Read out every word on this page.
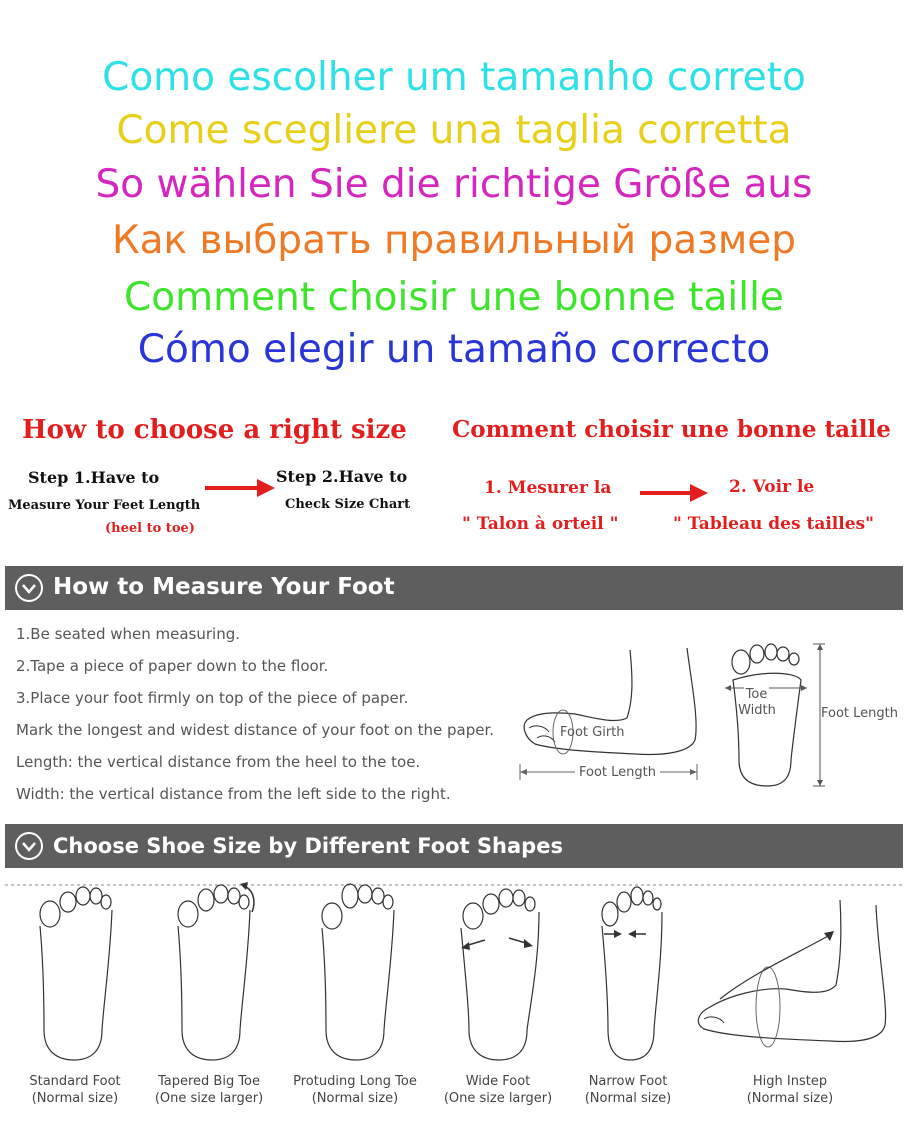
Como escolher um tamanho correto
Come scegliere una taglia corretta
So wählen Sie die richtige Größe aus
Как выбрать правильный размер
Comment choisir une bonne taille
Cómo elegir un tamaño correcto
How to choose a right size
Step 1.Have to
Measure Your Feet Length
(heel to toe)
Step 2.Have to
Check Size Chart
Comment choisir une bonne taille
1. Mesurer la
" Talon à orteil "
2. Voir le
" Tableau des tailles"
How to Measure Your Foot
1.Be seated when measuring.
2.Tape a piece of paper down to the floor.
3.Place your foot firmly on top of the piece of paper.
Mark the longest and widest distance of your foot on the paper.
Length: the vertical distance from the heel to the toe.
Width: the vertical distance from the left side to the right.
Foot Girth
Foot Length
Toe
Width	Foot Length
Choose Shoe Size by Different Foot Shapes
Standard Foot
(Normal size)
Tapered Big Toe
(One size larger)
Protuding Long Toe
(Normal size)
Wide Foot
(One size larger)
Narrow Foot
(Normal size)
High Instep
(Normal size)
